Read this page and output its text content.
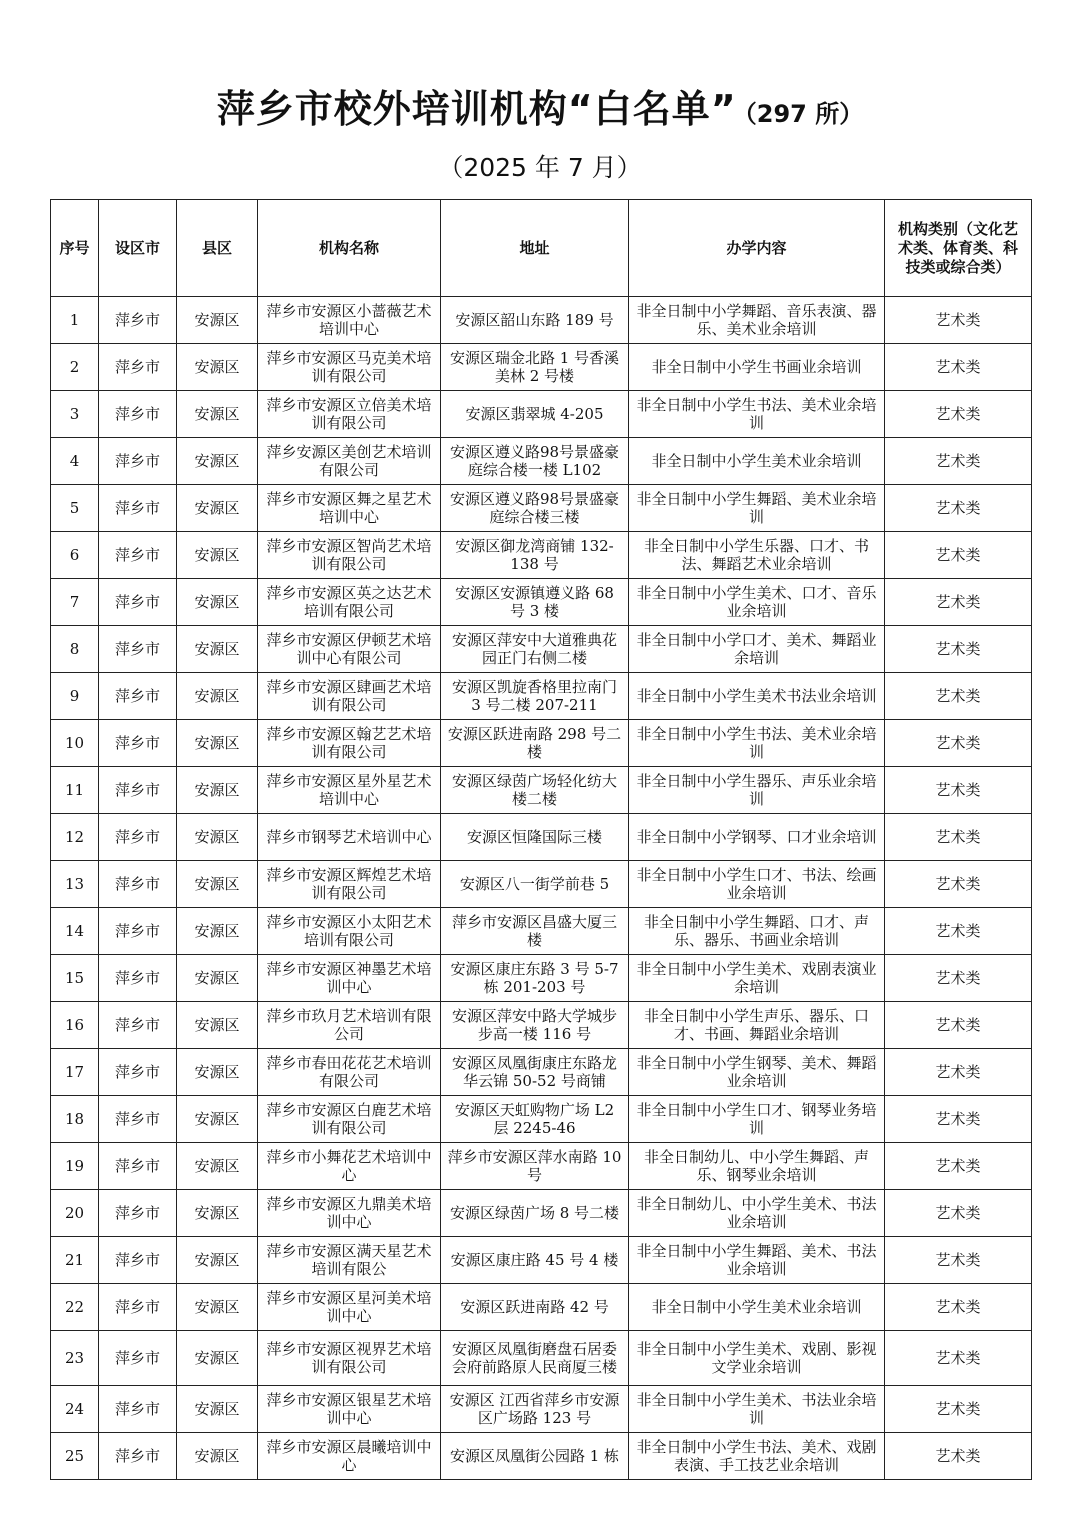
萍乡市校外培训机构“白名单” （297 所）
（2025 年 7 月）
序号	设区市	县区	机构名称	地址	办学内容	机构类别（文化艺术类、体育类、科技类或综合类）
1	萍乡市	安源区	萍乡市安源区小蔷薇艺术培训中心	安源区韶山东路 189 号	非全日制中小学舞蹈、音乐表演、器乐、美术业余培训	艺术类
2	萍乡市	安源区	萍乡市安源区马克美术培训有限公司	安源区瑞金北路 1 号香溪美林 2 号楼	非全日制中小学生书画业余培训	艺术类
3	萍乡市	安源区	萍乡市安源区立倍美术培训有限公司	安源区翡翠城 4-205	非全日制中小学生书法、美术业余培训	艺术类
4	萍乡市	安源区	萍乡安源区美创艺术培训有限公司	安源区遵义路98号景盛豪庭综合楼一楼 L102	非全日制中小学生美术业余培训	艺术类
5	萍乡市	安源区	萍乡市安源区舞之星艺术培训中心	安源区遵义路98号景盛豪庭综合楼三楼	非全日制中小学生舞蹈、美术业余培训	艺术类
6	萍乡市	安源区	萍乡市安源区智尚艺术培训有限公司	安源区御龙湾商铺 132-138 号	非全日制中小学生乐器、口才、书法、舞蹈艺术业余培训	艺术类
7	萍乡市	安源区	萍乡市安源区英之达艺术培训有限公司	安源区安源镇遵义路 68 号 3 楼	非全日制中小学生美术、口才、音乐业余培训	艺术类
8	萍乡市	安源区	萍乡市安源区伊顿艺术培训中心有限公司	安源区萍安中大道雅典花园正门右侧二楼	非全日制中小学口才、美术、舞蹈业余培训	艺术类
9	萍乡市	安源区	萍乡市安源区肆画艺术培训有限公司	安源区凯旋香格里拉南门 3 号二楼 207-211	非全日制中小学生美术书法业余培训	艺术类
10	萍乡市	安源区	萍乡市安源区翰艺艺术培训有限公司	安源区跃进南路 298 号二楼	非全日制中小学生书法、美术业余培训	艺术类
11	萍乡市	安源区	萍乡市安源区星外星艺术培训中心	安源区绿茵广场轻化纺大楼二楼	非全日制中小学生器乐、声乐业余培训	艺术类
12	萍乡市	安源区	萍乡市钢琴艺术培训中心	安源区恒隆国际三楼	非全日制中小学钢琴、口才业余培训	艺术类
13	萍乡市	安源区	萍乡市安源区辉煌艺术培训有限公司	安源区八一街学前巷 5	非全日制中小学生口才、书法、绘画业余培训	艺术类
14	萍乡市	安源区	萍乡市安源区小太阳艺术培训有限公司	萍乡市安源区昌盛大厦三楼	非全日制中小学生舞蹈、口才、声乐、器乐、书画业余培训	艺术类
15	萍乡市	安源区	萍乡市安源区神墨艺术培训中心	安源区康庄东路 3 号 5-7 栋 201-203 号	非全日制中小学生美术、戏剧表演业余培训	艺术类
16	萍乡市	安源区	萍乡市玖月艺术培训有限公司	安源区萍安中路大学城步步高一楼 116 号	非全日制中小学生声乐、器乐、口才、书画、舞蹈业余培训	艺术类
17	萍乡市	安源区	萍乡市春田花花艺术培训有限公司	安源区凤凰街康庄东路龙华云锦 50-52 号商铺	非全日制中小学生钢琴、美术、舞蹈业余培训	艺术类
18	萍乡市	安源区	萍乡市安源区白鹿艺术培训有限公司	安源区天虹购物广场 L2 层 2245-46	非全日制中小学生口才、钢琴业务培训	艺术类
19	萍乡市	安源区	萍乡市小舞花艺术培训中心	萍乡市安源区萍水南路 10 号	非全日制幼儿、中小学生舞蹈、声乐、钢琴业余培训	艺术类
20	萍乡市	安源区	萍乡市安源区九鼎美术培训中心	安源区绿茵广场 8 号二楼	非全日制幼儿、中小学生美术、书法业余培训	艺术类
21	萍乡市	安源区	萍乡市安源区满天星艺术培训有限公	安源区康庄路 45 号 4 楼	非全日制中小学生舞蹈、美术、书法业余培训	艺术类
22	萍乡市	安源区	萍乡市安源区星河美术培训中心	安源区跃进南路 42 号	非全日制中小学生美术业余培训	艺术类
23	萍乡市	安源区	萍乡市安源区视界艺术培训有限公司	安源区凤凰街磨盘石居委会府前路原人民商厦三楼	非全日制中小学生美术、戏剧、影视文学业余培训	艺术类
24	萍乡市	安源区	萍乡市安源区银星艺术培训中心	安源区 江西省萍乡市安源区广场路 123 号	非全日制中小学生美术、书法业余培训	艺术类
25	萍乡市	安源区	萍乡市安源区晨曦培训中心	安源区凤凰街公园路 1 栋	非全日制中小学生书法、美术、戏剧表演、手工技艺业余培训	艺术类
